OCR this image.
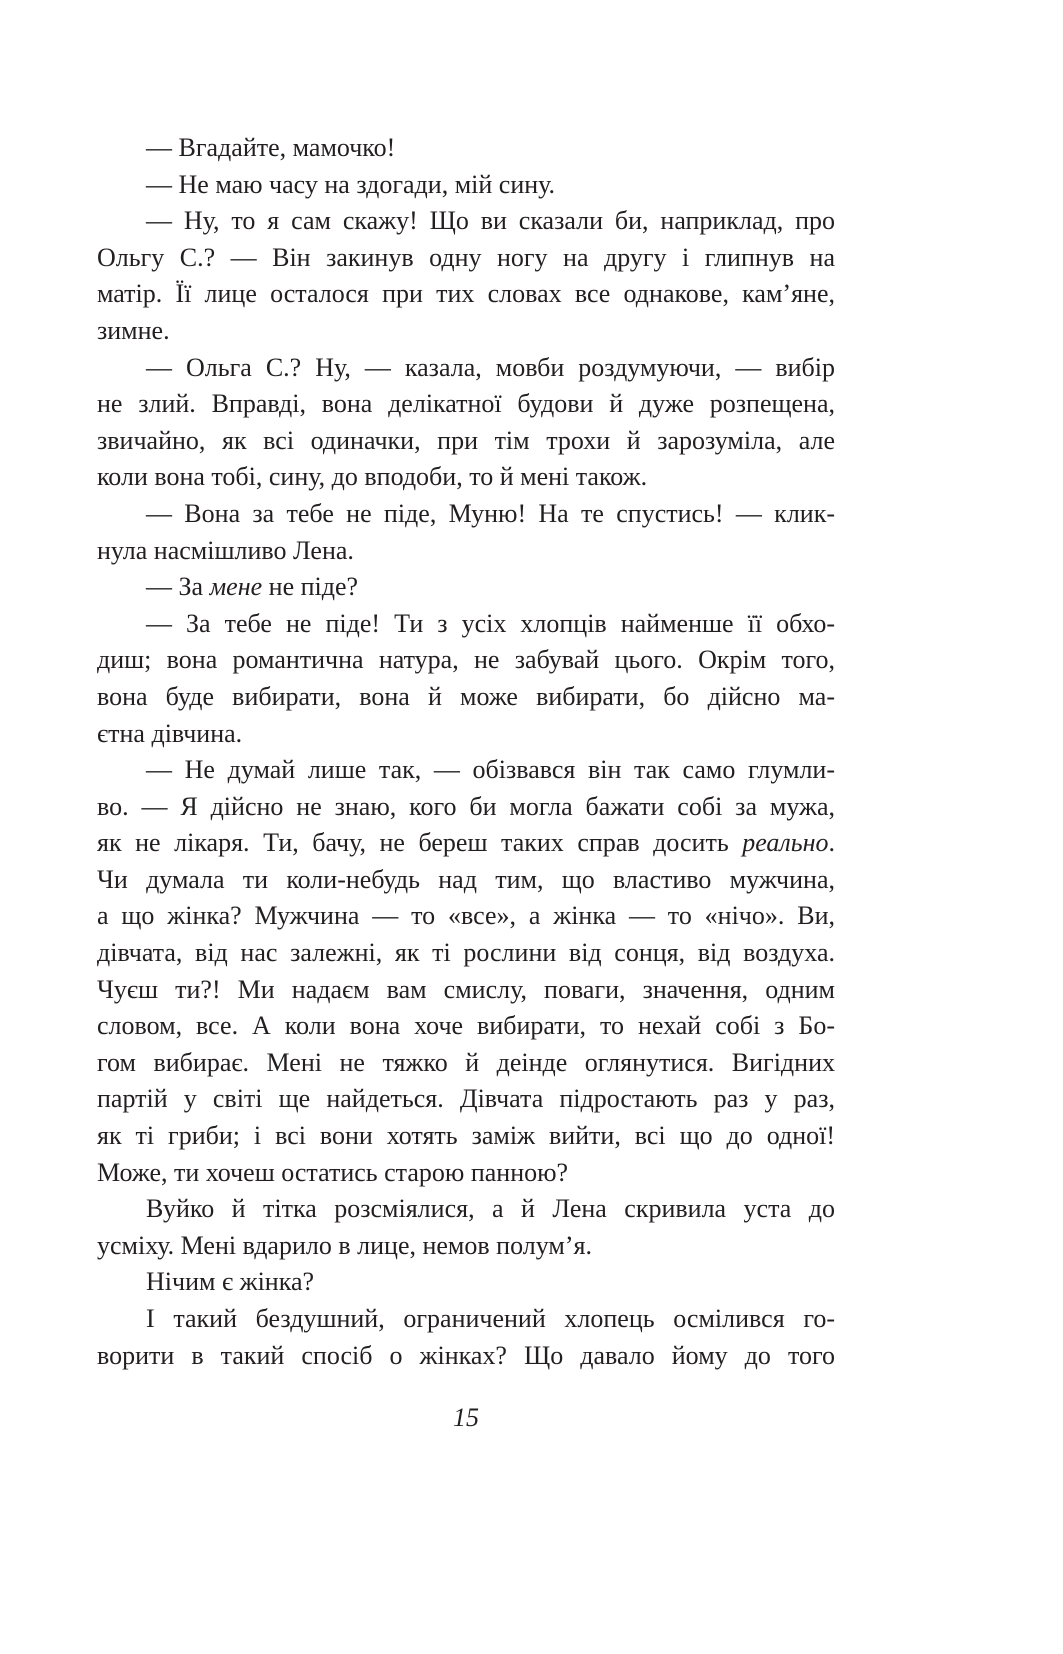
— Вгадайте, мамочко!
— Не маю часу на здогади, мій сину.
— Ну, то я сам скажу! Що ви сказали би, наприклад, про
Ольгу С.? — Він закинув одну ногу на другу і глипнув на
матір. Її лице осталося при тих словах все однакове, кам’яне,
зимне.
— Ольга С.? Ну, — казала, мовби роздумуючи, — вибір
не злий. Вправді, вона делікатної будови й дуже розпещена,
звичайно, як всі одиначки, при тім трохи й зарозуміла, але
коли вона тобі, сину, до вподоби, то й мені також.
— Вона за тебе не піде, Муню! На те спустись! — клик-
нула насмішливо Лена.
— За мене не піде?
— За тебе не піде! Ти з усіх хлопців найменше її обхо-
диш; вона романтична натура, не забувай цього. Окрім того,
вона буде вибирати, вона й може вибирати, бо дійсно ма-
єтна дівчина.
— Не думай лише так, — обізвався він так само глумли-
во. — Я дійсно не знаю, кого би могла бажати собі за мужа,
як не лікаря. Ти, бачу, не береш таких справ досить реально.
Чи думала ти коли-небудь над тим, що властиво мужчина,
а що жінка? Мужчина — то «все», а жінка — то «нічо». Ви,
дівчата, від нас залежні, як ті рослини від сонця, від воздуха.
Чуєш ти?! Ми надаєм вам смислу, поваги, значення, одним
словом, все. А коли вона хоче вибирати, то нехай собі з Бо-
гом вибирає. Мені не тяжко й деінде оглянутися. Вигідних
партій у світі ще найдеться. Дівчата підростають раз у раз,
як ті гриби; і всі вони хотять заміж вийти, всі що до одної!
Може, ти хочеш остатись старою панною?
Вуйко й тітка розсміялися, а й Лена скривила уста до
усміху. Мені вдарило в лице, немов полум’я.
Нічим є жінка?
І такий бездушний, ограничений хлопець осмілився го-
ворити в такий спосіб о жінках? Що давало йому до того
15
